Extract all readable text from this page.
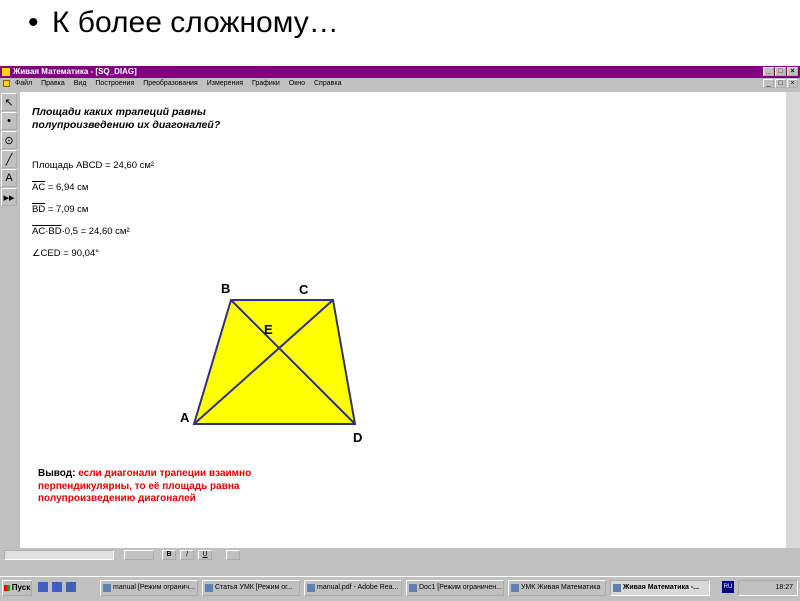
• К более сложному…
Живая Математика - [SQ_DIAG]	_	□	×
Файл Правка Вид Построения Преобразования Измерения Графики Окно Справка	_	□	×
↖
•
⊙
╱
A
▸▸
Площади каких трапеций равны полупроизведению их диагоналей?
Площадь ABCD = 24,60 см²
$\overline{AC} = 6,94$ см
$\overline{BD} = 7,09$ см
AC·BD·0,5 = 24,60 см²
∠CED = 90,04°
B	C
E
A
D
Вывод: если диагонали трапеции взаимно перпендикулярны, то её площадь равна полупроизведению диагоналей
B	I	U
Пуск	manual [Режим огранич...	Статья УМК [Режим ог...	manual.pdf - Adobe Rea...	Doc1 [Режим ограничен...	УМК Живая Математика	Живая Математика -...	RU	18:27
